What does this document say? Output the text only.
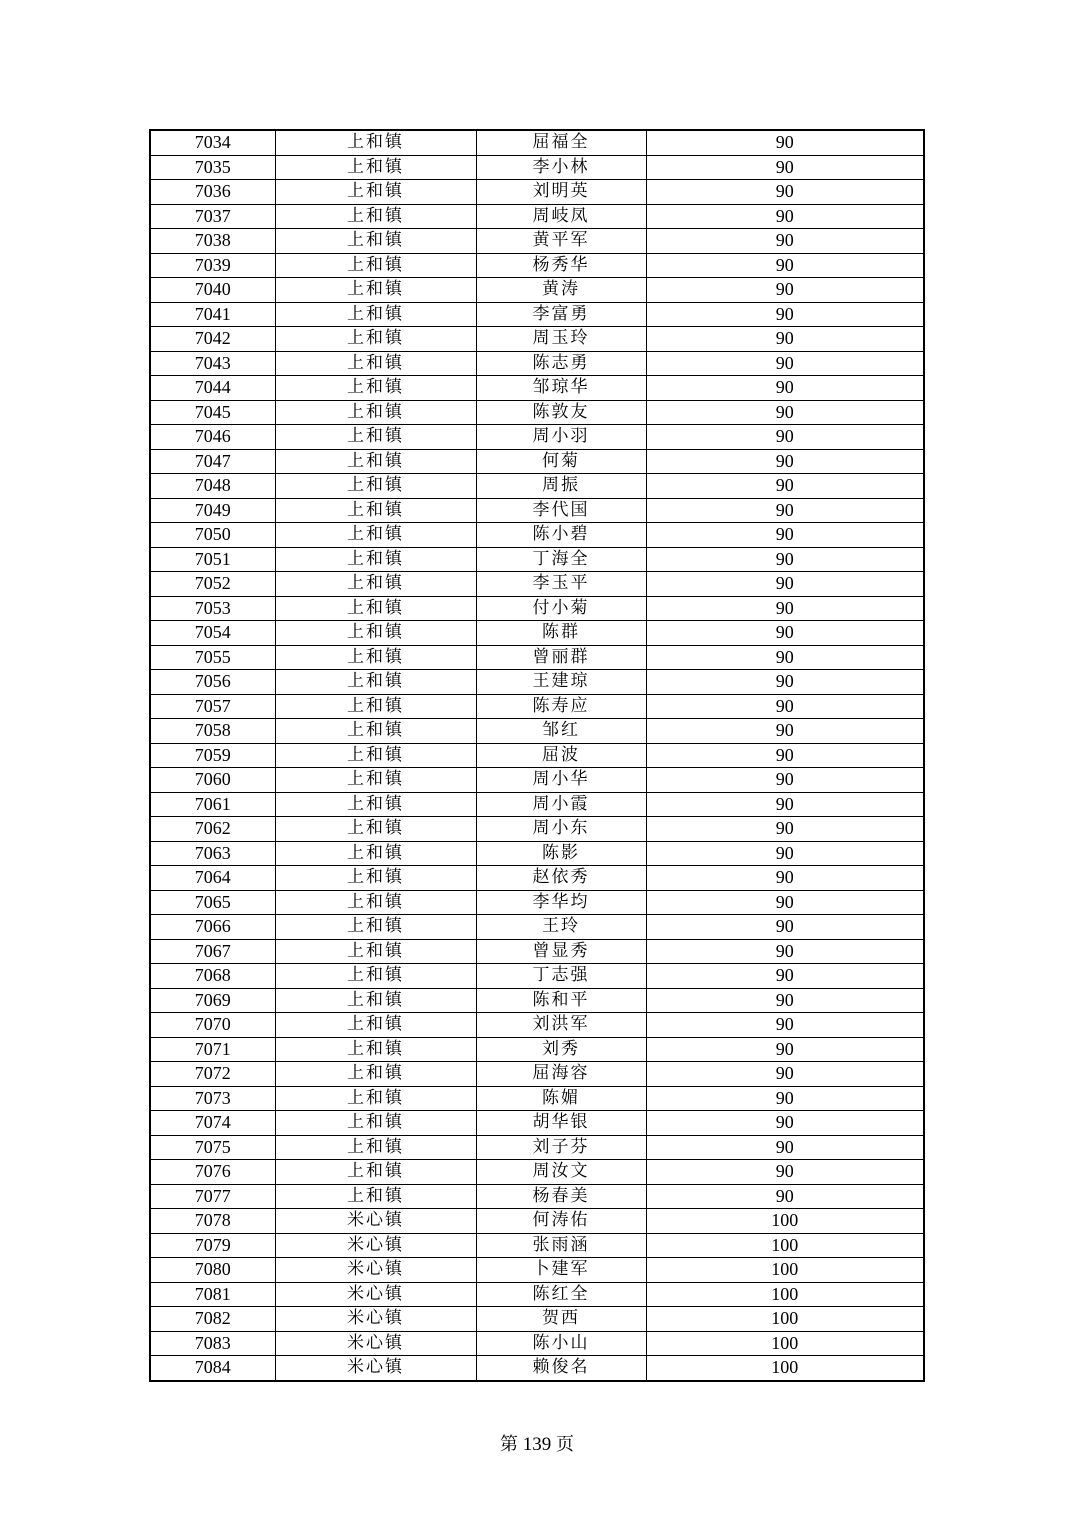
7034	上和镇	屈福全	90
7035	上和镇	李小林	90
7036	上和镇	刘明英	90
7037	上和镇	周岐凤	90
7038	上和镇	黄平军	90
7039	上和镇	杨秀华	90
7040	上和镇	黄涛	90
7041	上和镇	李富勇	90
7042	上和镇	周玉玲	90
7043	上和镇	陈志勇	90
7044	上和镇	邹琼华	90
7045	上和镇	陈敦友	90
7046	上和镇	周小羽	90
7047	上和镇	何菊	90
7048	上和镇	周振	90
7049	上和镇	李代国	90
7050	上和镇	陈小碧	90
7051	上和镇	丁海全	90
7052	上和镇	李玉平	90
7053	上和镇	付小菊	90
7054	上和镇	陈群	90
7055	上和镇	曾丽群	90
7056	上和镇	王建琼	90
7057	上和镇	陈寿应	90
7058	上和镇	邹红	90
7059	上和镇	屈波	90
7060	上和镇	周小华	90
7061	上和镇	周小霞	90
7062	上和镇	周小东	90
7063	上和镇	陈影	90
7064	上和镇	赵依秀	90
7065	上和镇	李华均	90
7066	上和镇	王玲	90
7067	上和镇	曾显秀	90
7068	上和镇	丁志强	90
7069	上和镇	陈和平	90
7070	上和镇	刘洪军	90
7071	上和镇	刘秀	90
7072	上和镇	屈海容	90
7073	上和镇	陈媚	90
7074	上和镇	胡华银	90
7075	上和镇	刘子芬	90
7076	上和镇	周汝文	90
7077	上和镇	杨春美	90
7078	米心镇	何涛佑	100
7079	米心镇	张雨涵	100
7080	米心镇	卜建军	100
7081	米心镇	陈红全	100
7082	米心镇	贺西	100
7083	米心镇	陈小山	100
7084	米心镇	赖俊名	100
第 139 页
